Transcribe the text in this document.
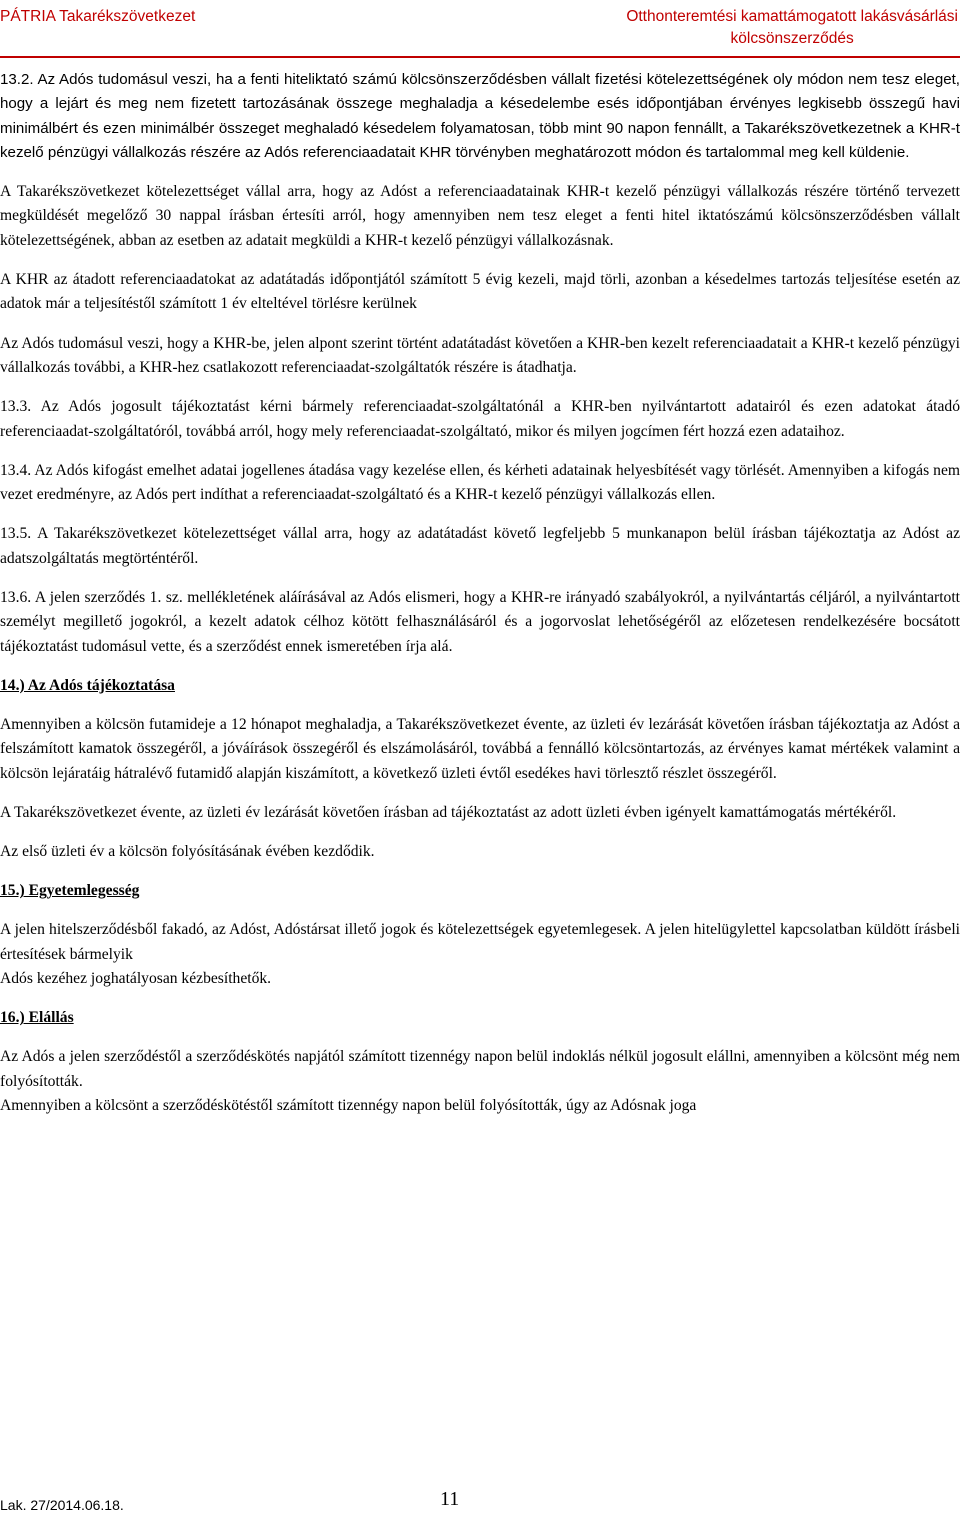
PÁTRIA Takarékszövetkezet	Otthonteremtési kamattámogatott lakásvásárlási
kölcsönszerződés

13.2. Az Adós tudomásul veszi, ha a fenti hiteliktató számú kölcsönszerződésben vállalt fizetési kötelezettségének oly módon nem tesz eleget, hogy a lejárt és meg nem fizetett tartozásának összege meghaladja a késedelembe esés időpontjában érvényes legkisebb összegű havi minimálbért és ezen minimálbér összeget meghaladó késedelem folyamatosan, több mint 90 napon fennállt, a Takarékszövetkezetnek a KHR-t kezelő pénzügyi vállalkozás részére az Adós referenciaadatait KHR törvényben meghatározott módon és tartalommal meg kell küldenie.

A Takarékszövetkezet kötelezettséget vállal arra, hogy az Adóst a referenciaadatainak KHR-t kezelő pénzügyi vállalkozás részére történő tervezett megküldését megelőző 30 nappal írásban értesíti arról, hogy amennyiben nem tesz eleget a fenti hitel iktatószámú kölcsönszerződésben vállalt kötelezettségének, abban az esetben az adatait megküldi a KHR-t kezelő pénzügyi vállalkozásnak.

A KHR az átadott referenciaadatokat az adatátadás időpontjától számított 5 évig kezeli, majd törli, azonban a késedelmes tartozás teljesítése esetén az adatok már a teljesítéstől számított 1 év elteltével törlésre kerülnek

Az Adós tudomásul veszi, hogy a KHR-be, jelen alpont szerint történt adatátadást követően a KHR-ben kezelt referenciaadatait a KHR-t kezelő pénzügyi vállalkozás további, a KHR-hez csatlakozott referenciaadat-szolgáltatók részére is átadhatja.

13.3. Az Adós jogosult tájékoztatást kérni bármely referenciaadat-szolgáltatónál a KHR-ben nyilvántartott adatairól és ezen adatokat átadó referenciaadat-szolgáltatóról, továbbá arról, hogy mely referenciaadat-szolgáltató, mikor és milyen jogcímen fért hozzá ezen adataihoz.

13.4. Az Adós kifogást emelhet adatai jogellenes átadása vagy kezelése ellen, és kérheti adatainak helyesbítését vagy törlését. Amennyiben a kifogás nem vezet eredményre, az Adós pert indíthat a referenciaadat-szolgáltató és a KHR-t kezelő pénzügyi vállalkozás ellen.

13.5. A Takarékszövetkezet kötelezettséget vállal arra, hogy az adatátadást követő legfeljebb 5 munkanapon belül írásban tájékoztatja az Adóst az adatszolgáltatás megtörténtéről.

13.6. A jelen szerződés 1. sz. mellékletének aláírásával az Adós elismeri, hogy a KHR-re irányadó szabályokról, a nyilvántartás céljáról, a nyilvántartott személyt megillető jogokról, a kezelt adatok célhoz kötött felhasználásáról és a jogorvoslat lehetőségéről az előzetesen rendelkezésére bocsátott tájékoztatást tudomásul vette, és a szerződést ennek ismeretében írja alá.

14.) Az Adós tájékoztatása

Amennyiben a kölcsön futamideje a 12 hónapot meghaladja, a Takarékszövetkezet évente, az üzleti év lezárását követően írásban tájékoztatja az Adóst a felszámított kamatok összegéről, a jóváírások összegéről és elszámolásáról, továbbá a fennálló kölcsöntartozás, az érvényes kamat mértékek valamint a kölcsön lejáratáig hátralévő futamidő alapján kiszámított, a következő üzleti évtől esedékes havi törlesztő részlet összegéről.

A Takarékszövetkezet évente, az üzleti év lezárását követően írásban ad tájékoztatást az adott üzleti évben igényelt kamattámogatás mértékéről.

Az első üzleti év a kölcsön folyósításának évében kezdődik.

15.) Egyetemlegesség

A jelen hitelszerződésből fakadó, az Adóst, Adóstársat illető jogok és kötelezettségek egyetemlegesek. A jelen hitelügylettel kapcsolatban küldött írásbeli értesítések bármelyik

Adós kezéhez joghatályosan kézbesíthetők.

16.) Elállás

Az Adós a jelen szerződéstől a szerződéskötés napjától számított tizennégy napon belül indoklás nélkül jogosult elállni, amennyiben a kölcsönt még nem folyósították.

Amennyiben a kölcsönt a szerződéskötéstől számított tizennégy napon belül folyósították, úgy az Adósnak joga

Lak. 27/2014.06.18.	11
